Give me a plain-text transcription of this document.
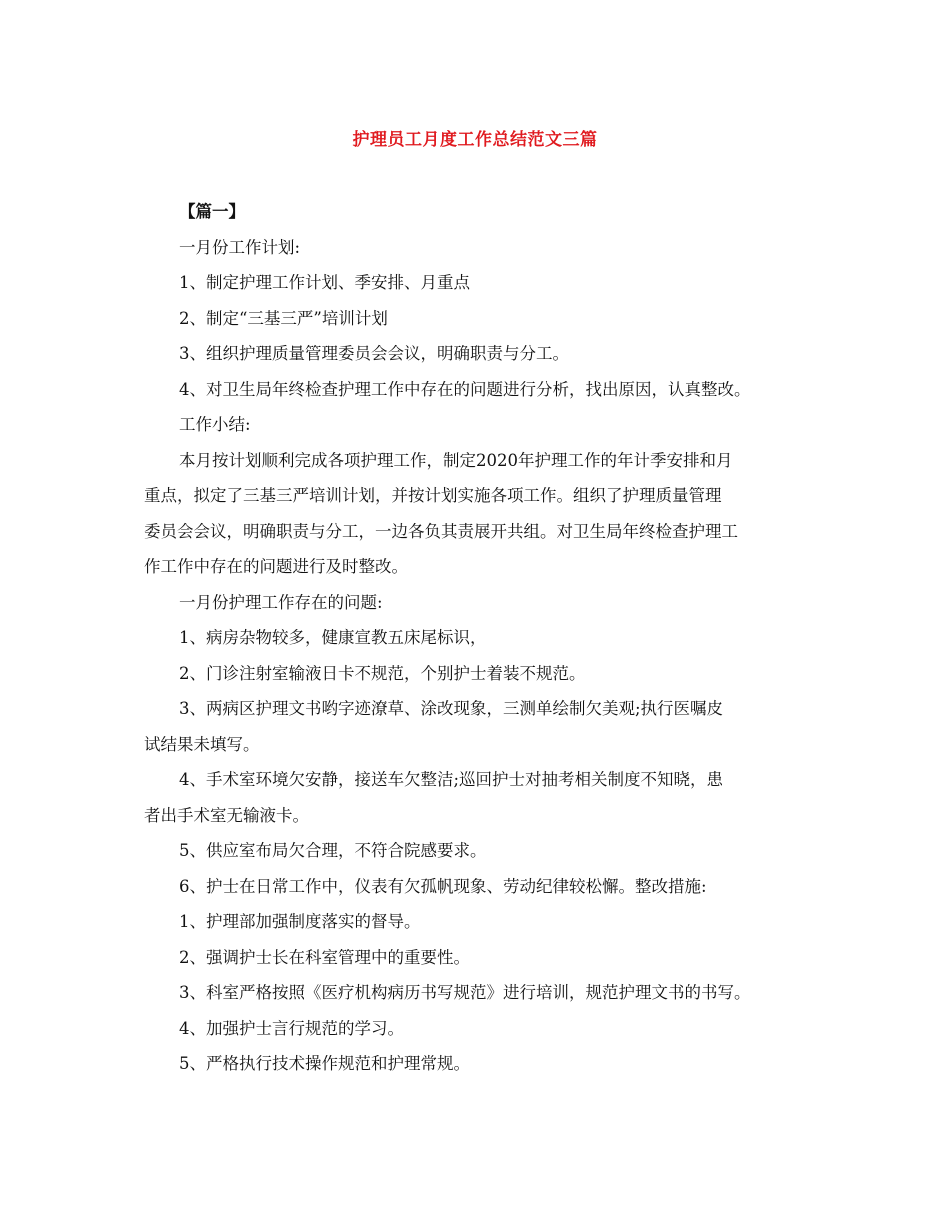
护理员工月度工作总结范文三篇
【篇一】
一月份工作计划:
1、制定护理工作计划、季安排、月重点
2、制定“三基三严”培训计划
3、组织护理质量管理委员会会议，明确职责与分工。
4、对卫生局年终检查护理工作中存在的问题进行分析，找出原因，认真整改。
工作小结:
本月按计划顺利完成各项护理工作，制定2020年护理工作的年计季安排和月
重点，拟定了三基三严培训计划，并按计划实施各项工作。组织了护理质量管理
委员会会议，明确职责与分工，一边各负其责展开共组。对卫生局年终检查护理工
作工作中存在的问题进行及时整改。
一月份护理工作存在的问题:
1、病房杂物较多，健康宣教五床尾标识，
2、门诊注射室输液日卡不规范，个别护士着装不规范。
3、两病区护理文书哟字迹潦草、涂改现象，三测单绘制欠美观;执行医嘱皮
试结果未填写。
4、手术室环境欠安静，接送车欠整洁;巡回护士对抽考相关制度不知晓，患
者出手术室无输液卡。
5、供应室布局欠合理，不符合院感要求。
6、护士在日常工作中，仪表有欠孤帆现象、劳动纪律较松懈。整改措施:
1、护理部加强制度落实的督导。
2、强调护士长在科室管理中的重要性。
3、科室严格按照《医疗机构病历书写规范》进行培训，规范护理文书的书写。
4、加强护士言行规范的学习。
5、严格执行技术操作规范和护理常规。
